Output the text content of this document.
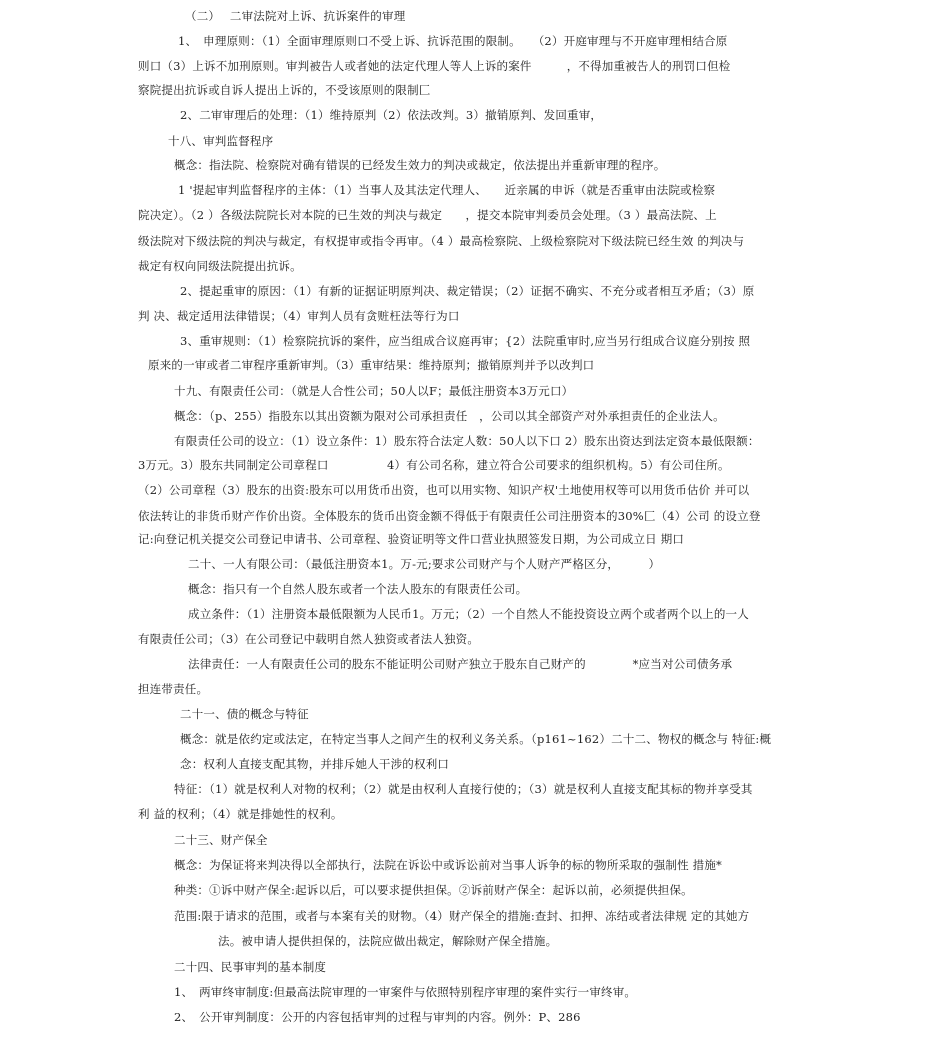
（二）　 二审法院对上诉、抗诉案件的审理
1、　申理原则：（1）全面审理原则口不受上诉、抗诉范围的限制。　　（2）开庭审理与不开庭审理相结合原
则口（3）上诉不加刑原则。审判被告人或者她的法定代理人等人上诉的案件　　　，不得加重被告人的刑罚口但检
察院提出抗诉或自诉人提出上诉的，不受该原则的限制匚
2、二审审理后的处理：（1）维持原判（2）依法改判。3）撤销原判、发回重审，
十八、审判监督程序
概念：指法院、检察院对确有错误的已经发生效力的判决或裁定，依法提出并重新审理的程序。
1 '提起审判监督程序的主体：（1）当事人及其法定代理人、　　近亲属的申诉（就是否重审由法院或检察
院决定）。（2 ）各级法院院长对本院的已生效的判决与裁定　　，提交本院审判委员会处理。（3 ）最高法院、上
级法院对下级法院的判决与裁定，有权提审或指令再审。（4 ）最高检察院、上级检察院对下级法院已经生效 的判决与
裁定有权向同级法院提出抗诉。
2、提起重审的原因：（1）有新的证据证明原判决、裁定错误；（2）证据不确实、不充分或者相互矛盾；（3）原
判 决、裁定适用法律错误；（4）审判人员有贪赃枉法等行为口
3、重审规则：（1）检察院抗诉的案件，应当组成合议庭再审；{2）法院重审时,应当另行组成合议庭分别按 照
原来的一审或者二审程序重新审判。（3）重审结果：维持原判；撤销原判并予以改判口
十九、有限责任公司：（就是人合性公司；50人以F；最低注册资本3万元口）
概念：（p、255）指股东以其出资额为限对公司承担责任　，公司以其全部资产对外承担责任的企业法人。
有限责任公司的设立：（1）设立条件：1）股东符合法定人数：50人以下口 2）股东出资达到法定资本最低限额：
3万元。3）股东共同制定公司章程口　　　　　4）有公司名称，建立符合公司要求的组织机构。5）有公司住所。
（2）公司章程（3）股东的出资:股东可以用货币出资，也可以用实物、知识产权'土地使用权等可以用货币估价 并可以
依法转让的非货币财产作价出资。全体股东的货币出资金额不得低于有限责任公司注册资本的30%匚（4）公司 的设立登
记:向登记机关提交公司登记申请书、公司章程、验资证明等文件口营业执照签发日期，为公司成立日 期口
二十、一人有限公司：（最低注册资本1。万-元;要求公司财产与个人财产严格区分，　　　）
概念：指只有一个自然人股东或者一个法人股东的有限责任公司。
成立条件：（1）注册资本最低限额为人民币1。万元；（2）一个自然人不能投资设立两个或者两个以上的一人
有限责任公司；（3）在公司登记中载明自然人独资或者法人独资。
法律责任：一人有限责任公司的股东不能证明公司财产独立于股东自己财产的　　　　*应当对公司债务承
担连带责任。
二十一、债的概念与特征
概念：就是依约定或法定，在特定当事人之间产生的权利义务关系。（p161~162）二十二、物权的概念与 特征:概
念：权利人直接支配其物，并排斥她人干涉的权利口
特征：（1）就是权利人对物的权利；（2）就是由权利人直接行使的；（3）就是权利人直接支配其标的物并享受其
利 益的权利；（4）就是排她性的权利。
二十三、财产保全
概念：为保证将来判决得以全部执行，法院在诉讼中或诉讼前对当事人诉争的标的物所采取的强制性 措施*
种类：①诉中财产保全:起诉以后，可以要求提供担保。②诉前财产保全：起诉以前，必须提供担保。
范围:限于请求的范围，或者与本案有关的财物。（4）财产保全的措施:查封、扣押、冻结或者法律规 定的其她方
法。被申请人提供担保的，法院应做出裁定，解除财产保全措施。
二十四、民事审判的基本制度
1、　两审终审制度:但最高法院审理的一审案件与依照特别程序审理的案件实行一审终审。
2、　公开审判制度：公开的内容包括审判的过程与审判的内容。例外：P、286
